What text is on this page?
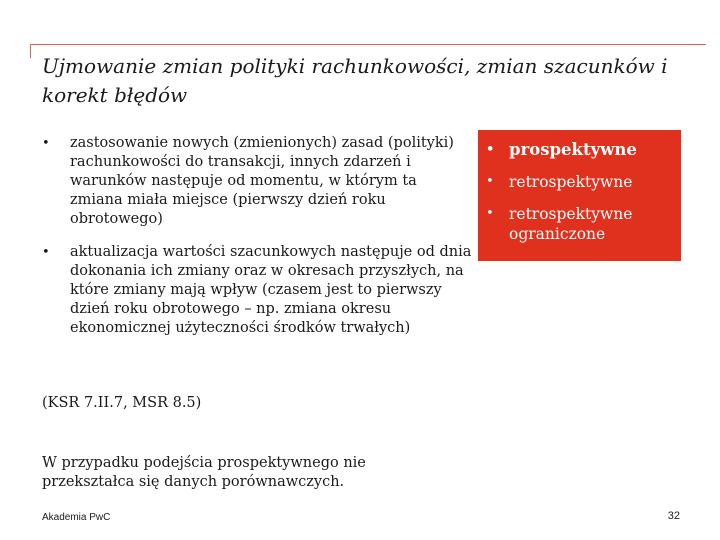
Ujmowanie zmian polityki rachunkowości, zmian szacunków i korekt błędów
• zastosowanie nowych (zmienionych) zasad (polityki) rachunkowości do transakcji, innych zdarzeń i warunków następuje od momentu, w którym ta zmiana miała miejsce (pierwszy dzień roku obrotowego)
• aktualizacja wartości szacunkowych następuje od dnia dokonania ich zmiany oraz w okresach przyszłych, na które zmiany mają wpływ (czasem jest to pierwszy dzień roku obrotowego – np. zmiana okresu ekonomicznej użyteczności środków trwałych)
(KSR 7.II.7, MSR 8.5)
W przypadku podejścia prospektywnego nie przekształca się danych porównawczych.
• prospektywne
• retrospektywne
• retrospektywne ograniczone
Akademia PwC	32
